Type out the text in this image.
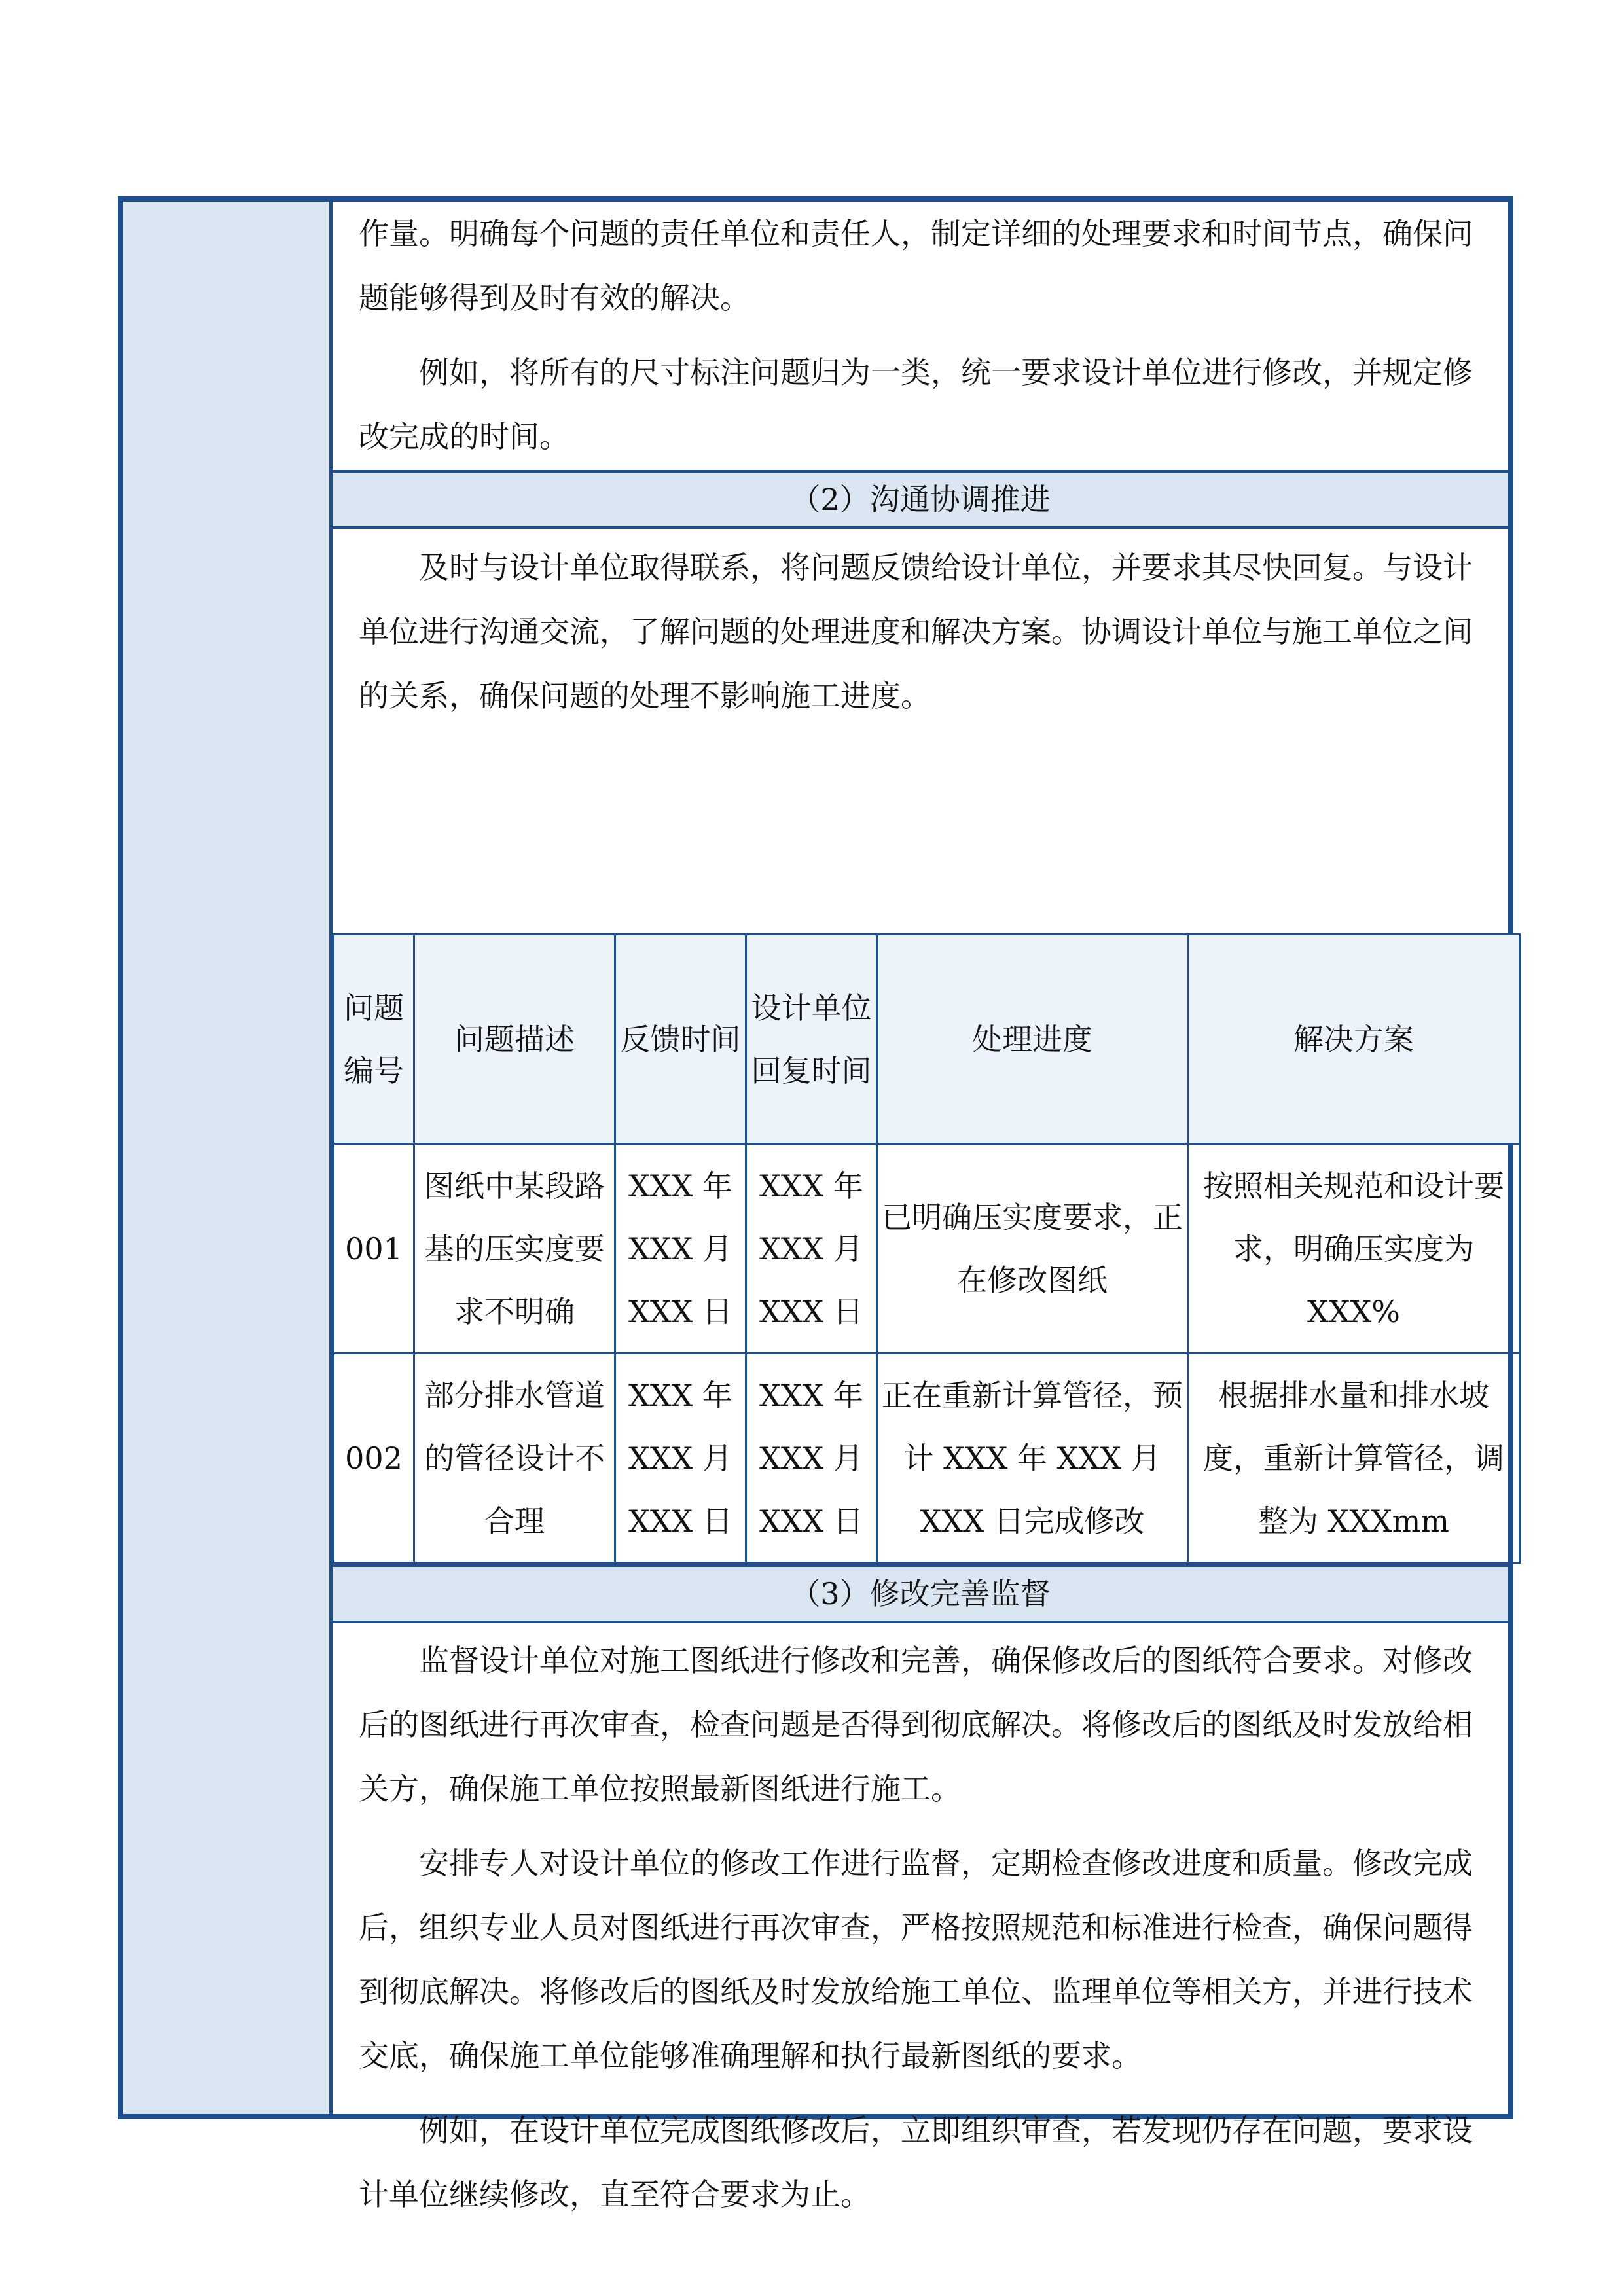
作量。明确每个问题的责任单位和责任人，制定详细的处理要求和时间节点，确保问题能够得到及时有效的解决。

例如，将所有的尺寸标注问题归为一类，统一要求设计单位进行修改，并规定修改完成的时间。

（2）沟通协调推进

及时与设计单位取得联系，将问题反馈给设计单位，并要求其尽快回复。与设计单位进行沟通交流，了解问题的处理进度和解决方案。协调设计单位与施工单位之间的关系，确保问题的处理不影响施工进度。

问题编号	问题描述	反馈时间	设计单位回复时间	处理进度	解决方案
001	图纸中某段路基的压实度要求不明确	XXX 年 XXX 月 XXX 日	XXX 年 XXX 月 XXX 日	已明确压实度要求，正在修改图纸	按照相关规范和设计要求，明确压实度为 XXX%
002	部分排水管道的管径设计不合理	XXX 年 XXX 月 XXX 日	XXX 年 XXX 月 XXX 日	正在重新计算管径，预计 XXX 年 XXX 月 XXX 日完成修改	根据排水量和排水坡度，重新计算管径，调整为 XXXmm
（3）修改完善监督

监督设计单位对施工图纸进行修改和完善，确保修改后的图纸符合要求。对修改后的图纸进行再次审查，检查问题是否得到彻底解决。将修改后的图纸及时发放给相关方，确保施工单位按照最新图纸进行施工。

安排专人对设计单位的修改工作进行监督，定期检查修改进度和质量。修改完成后，组织专业人员对图纸进行再次审查，严格按照规范和标准进行检查，确保问题得到彻底解决。将修改后的图纸及时发放给施工单位、监理单位等相关方，并进行技术交底，确保施工单位能够准确理解和执行最新图纸的要求。

例如，在设计单位完成图纸修改后，立即组织审查，若发现仍存在问题，要求设计单位继续修改，直至符合要求为止。
